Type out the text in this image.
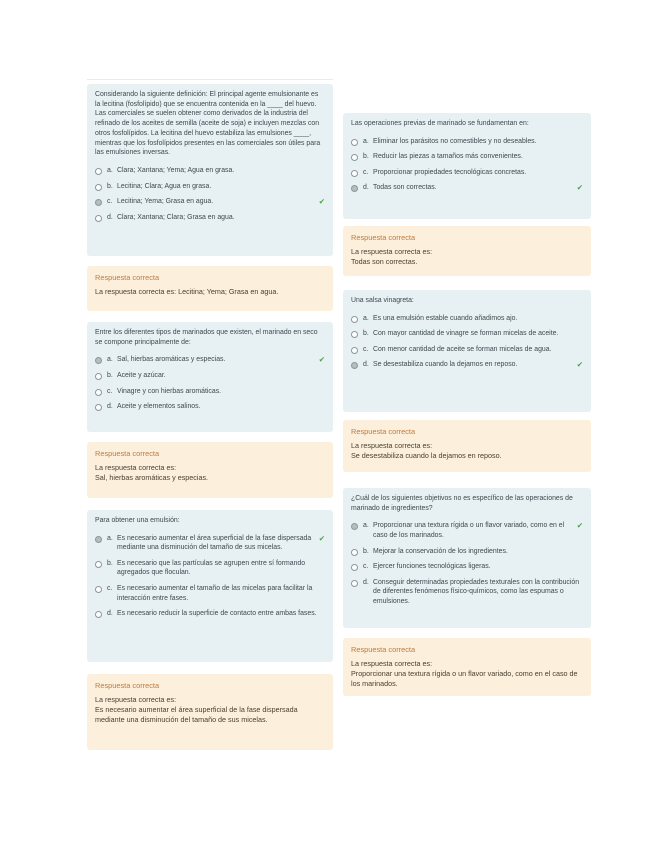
Considerando la siguiente definición: El principal agente emulsionante es la lecitina (fosfolípido) que se encuentra contenida en la ____ del huevo. Las comerciales se suelen obtener como derivados de la industria del refinado de los aceites de semilla (aceite de soja) e incluyen mezclas con otros fosfolípidos. La lecitina del huevo estabiliza las emulsiones ____, mientras que los fosfolípidos presentes en las comerciales son útiles para las emulsiones inversas.
a. Clara; Xantana; Yema; Agua en grasa.
b. Lecitina; Clara; Agua en grasa.
c. Lecitina; Yema; Grasa en agua.	✔
d. Clara; Xantana; Clara; Grasa en agua.
Respuesta correcta
La respuesta correcta es: Lecitina; Yema; Grasa en agua.
Entre los diferentes tipos de marinados que existen, el marinado en seco se compone principalmente de:
a. Sal, hierbas aromáticas y especias.	✔
b. Aceite y azúcar.
c. Vinagre y con hierbas aromáticas.
d. Aceite y elementos salinos.
Respuesta correcta
La respuesta correcta es:
Sal, hierbas aromáticas y especias.
Para obtener una emulsión:
a. Es necesario aumentar el área superficial de la fase dispersada mediante una disminución del tamaño de sus micelas.
✔
b. Es necesario que las partículas se agrupen entre sí formando agregados que floculan.
c. Es necesario aumentar el tamaño de las micelas para facilitar la interacción entre fases.
d. Es necesario reducir la superficie de contacto entre ambas fases.
Respuesta correcta
La respuesta correcta es:
Es necesario aumentar el área superficial de la fase dispersada mediante una disminución del tamaño de sus micelas.
Las operaciones previas de marinado se fundamentan en:
a. Eliminar los parásitos no comestibles y no deseables.
b. Reducir las piezas a tamaños más convenientes.
c. Proporcionar propiedades tecnológicas concretas.
d. Todas son correctas.	✔
Respuesta correcta
La respuesta correcta es:
Todas son correctas.
Una salsa vinagreta:
a. Es una emulsión estable cuando añadimos ajo.
b. Con mayor cantidad de vinagre se forman micelas de aceite.
c. Con menor cantidad de aceite se forman micelas de agua.
d. Se desestabiliza cuando la dejamos en reposo.	✔
Respuesta correcta
La respuesta correcta es:
Se desestabiliza cuando la dejamos en reposo.
¿Cuál de los siguientes objetivos no es específico de las operaciones de marinado de ingredientes?
a. Proporcionar una textura rígida o un flavor variado, como en el caso de los marinados.
✔
b. Mejorar la conservación de los ingredientes.
c. Ejercer funciones tecnológicas ligeras.
d. Conseguir determinadas propiedades texturales con la contribución de diferentes fenómenos físico-químicos, como las espumas o emulsiones.
Respuesta correcta
La respuesta correcta es:
Proporcionar una textura rígida o un flavor variado, como en el caso de los marinados.
